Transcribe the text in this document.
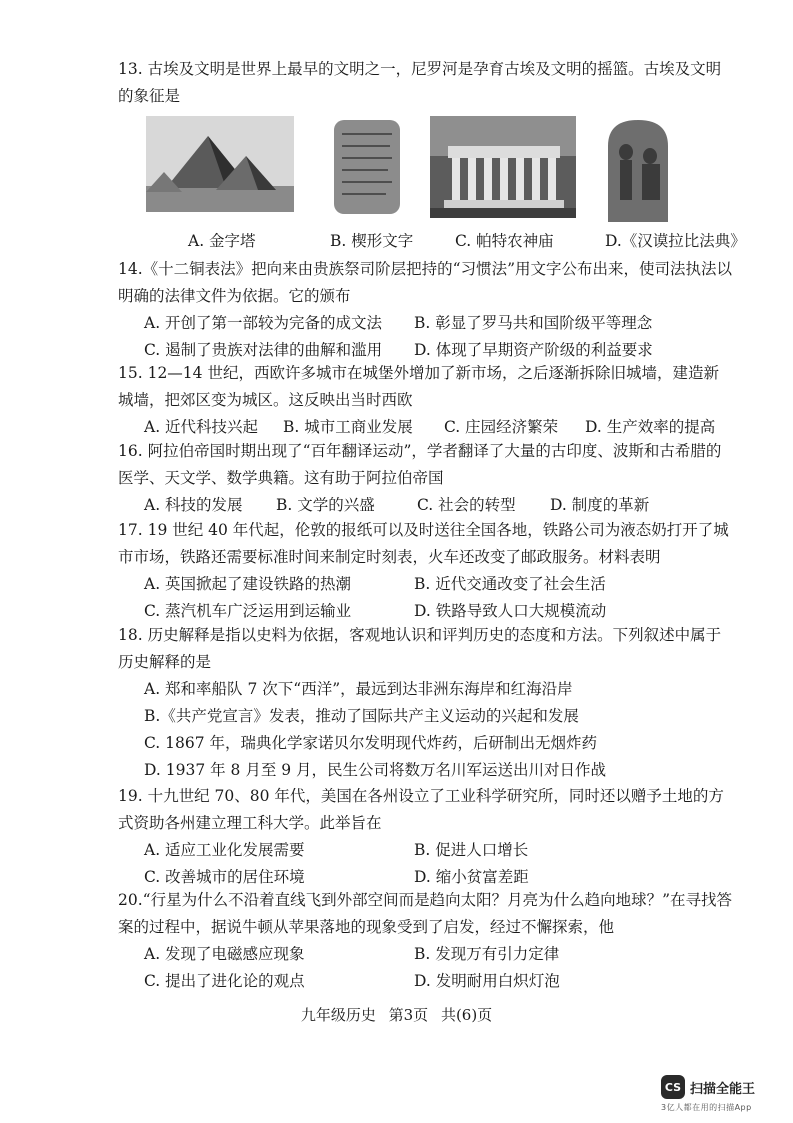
13. 古埃及文明是世界上最早的文明之一，尼罗河是孕育古埃及文明的摇篮。古埃及文明的象征是

A. 金字塔	B. 楔形文字	C. 帕特农神庙	D.《汉谟拉比法典》

14.《十二铜表法》把向来由贵族祭司阶层把持的“习惯法”用文字公布出来，使司法执法以明确的法律文件为依据。它的颁布

A. 开创了第一部较为完备的成文法 B. 彰显了罗马共和国阶级平等理念
C. 遏制了贵族对法律的曲解和滥用 D. 体现了早期资产阶级的利益要求

15. 12—14 世纪，西欧许多城市在城堡外增加了新市场，之后逐渐拆除旧城墙，建造新城墙，把郊区变为城区。这反映出当时西欧

A. 近代科技兴起 B. 城市工商业发展 C. 庄园经济繁荣 D. 生产效率的提高

16. 阿拉伯帝国时期出现了“百年翻译运动”，学者翻译了大量的古印度、波斯和古希腊的医学、天文学、数学典籍。这有助于阿拉伯帝国

A. 科技的发展 B. 文学的兴盛	C. 社会的转型 D. 制度的革新

17. 19 世纪 40 年代起，伦敦的报纸可以及时送往全国各地，铁路公司为液态奶打开了城市市场，铁路还需要标准时间来制定时刻表，火车还改变了邮政服务。材料表明

A. 英国掀起了建设铁路的热潮	B. 近代交通改变了社会生活
C. 蒸汽机车广泛运用到运输业	D. 铁路导致人口大规模流动

18. 历史解释是指以史料为依据，客观地认识和评判历史的态度和方法。下列叙述中属于历史解释的是

A. 郑和率船队 7 次下“西洋”，最远到达非洲东海岸和红海沿岸
B.《共产党宣言》发表，推动了国际共产主义运动的兴起和发展
C. 1867 年，瑞典化学家诺贝尔发明现代炸药，后研制出无烟炸药
D. 1937 年 8 月至 9 月，民生公司将数万名川军运送出川对日作战

19. 十九世纪 70、80 年代，美国在各州设立了工业科学研究所，同时还以赠予土地的方式资助各州建立理工科大学。此举旨在

A. 适应工业化发展需要	B. 促进人口增长
C. 改善城市的居住环境	D. 缩小贫富差距

20.“行星为什么不沿着直线飞到外部空间而是趋向太阳？月亮为什么趋向地球？”在寻找答案的过程中，据说牛顿从苹果落地的现象受到了启发，经过不懈探索，他

A. 发现了电磁感应现象	B. 发现万有引力定律
C. 提出了进化论的观点	D. 发明耐用白炽灯泡
九年级历史 第3页 共(6)页
CS 扫描全能王
3亿人都在用的扫描App
